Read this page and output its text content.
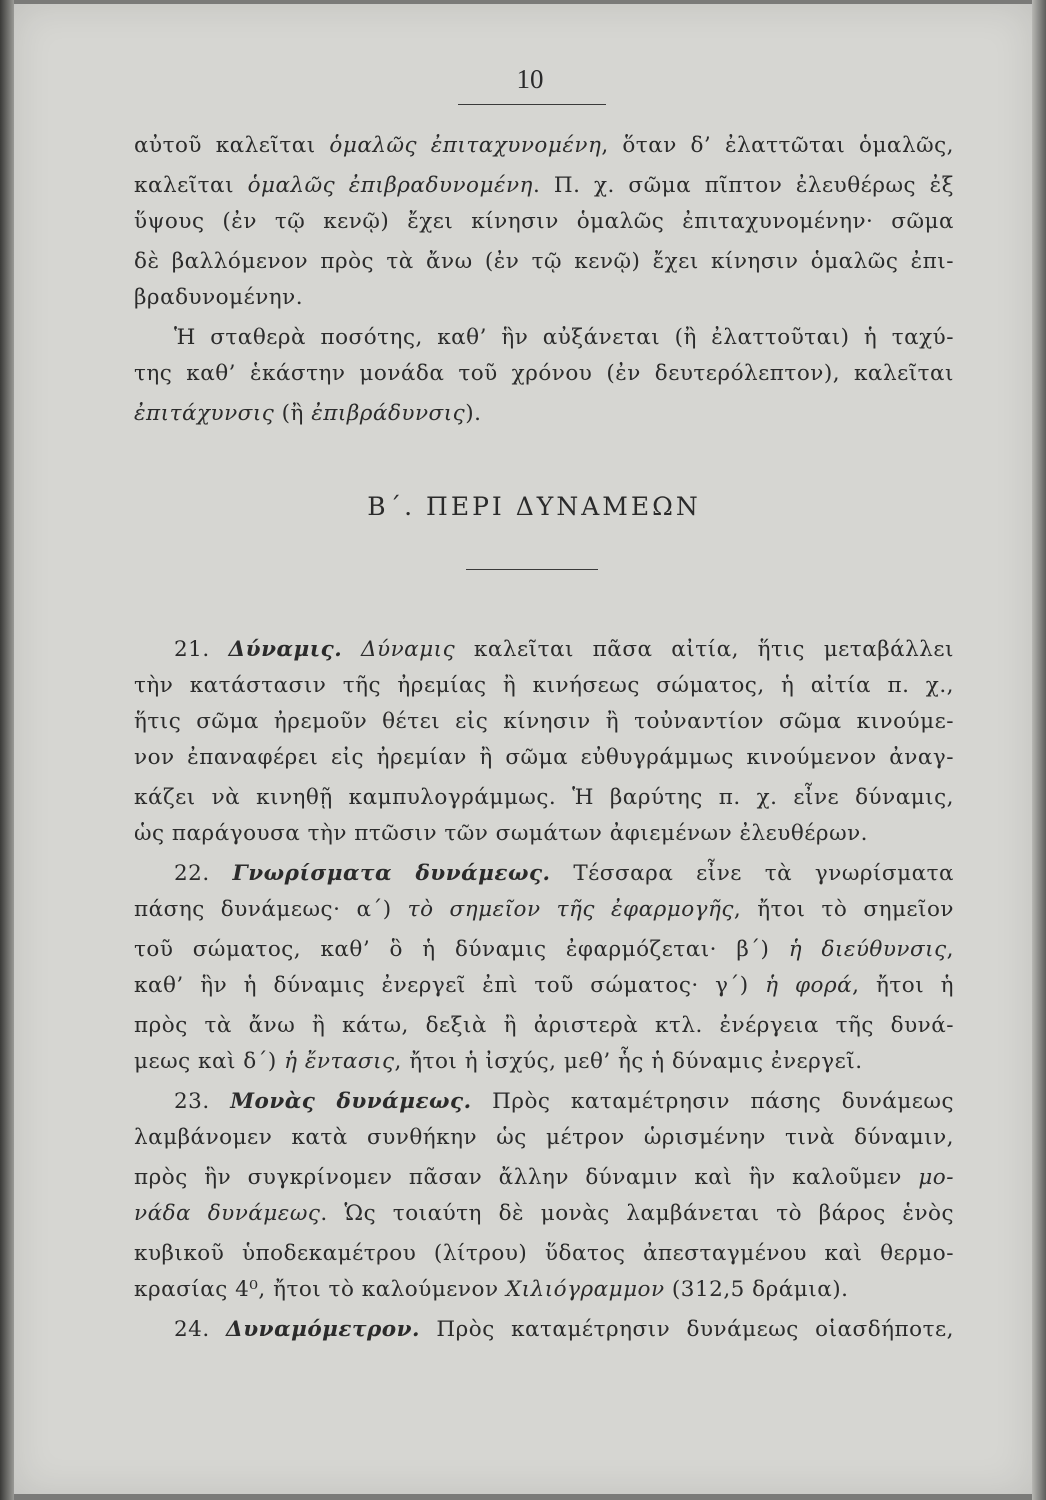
10
Β΄. ΠΕΡΙ ΔΥΝΑΜΕΩΝ
αὐτοῦ καλεῖται ὁμαλῶς ἐπιταχυνομένη, ὅταν δ’ ἐλαττῶται ὁμαλῶς,
καλεῖται ὁμαλῶς ἐπιβραδυνομένη. Π. χ. σῶμα πῖπτον ἐλευθέρως ἐξ
ὕψους (ἐν τῷ κενῷ) ἔχει κίνησιν ὁμαλῶς ἐπιταχυνομένην· σῶμα
δὲ βαλλόμενον πρὸς τὰ ἄνω (ἐν τῷ κενῷ) ἔχει κίνησιν ὁμαλῶς ἐπι-
βραδυνομένην.
Ἡ σταθερὰ ποσότης, καθ’ ἣν αὐξάνεται (ἢ ἐλαττοῦται) ἡ ταχύ-
της καθ’ ἑκάστην μονάδα τοῦ χρόνου (ἐν δευτερόλεπτον), καλεῖται
ἐπιτάχυνσις (ἢ ἐπιβράδυνσις).
21. Δύναμις. Δύναμις καλεῖται πᾶσα αἰτία, ἥτις μεταβάλλει
τὴν κατάστασιν τῆς ἠρεμίας ἢ κινήσεως σώματος, ἡ αἰτία π. χ.,
ἥτις σῶμα ἠρεμοῦν θέτει εἰς κίνησιν ἢ τοὐναντίον σῶμα κινούμε-
νον ἐπαναφέρει εἰς ἠρεμίαν ἢ σῶμα εὐθυγράμμως κινούμενον ἀναγ-
κάζει νὰ κινηθῇ καμπυλογράμμως. Ἡ βαρύτης π. χ. εἶνε δύναμις,
ὡς παράγουσα τὴν πτῶσιν τῶν σωμάτων ἀφιεμένων ἐλευθέρων.
22. Γνωρίσματα δυνάμεως. Τέσσαρα εἶνε τὰ γνωρίσματα
πάσης δυνάμεως· α΄) τὸ σημεῖον τῆς ἐφαρμογῆς, ἤτοι τὸ σημεῖον
τοῦ σώματος, καθ’ ὃ ἡ δύναμις ἐφαρμόζεται· β΄) ἡ διεύθυνσις,
καθ’ ἣν ἡ δύναμις ἐνεργεῖ ἐπὶ τοῦ σώματος· γ΄) ἡ φορά, ἤτοι ἡ
πρὸς τὰ ἄνω ἢ κάτω, δεξιὰ ἢ ἀριστερὰ κτλ. ἐνέργεια τῆς δυνά-
μεως καὶ δ΄) ἡ ἔντασις, ἤτοι ἡ ἰσχύς, μεθ’ ἧς ἡ δύναμις ἐνεργεῖ.
23. Μονὰς δυνάμεως. Πρὸς καταμέτρησιν πάσης δυνάμεως
λαμβάνομεν κατὰ συνθήκην ὡς μέτρον ὡρισμένην τινὰ δύναμιν,
πρὸς ἣν συγκρίνομεν πᾶσαν ἄλλην δύναμιν καὶ ἣν καλοῦμεν μο-
νάδα δυνάμεως. Ὡς τοιαύτη δὲ μονὰς λαμβάνεται τὸ βάρος ἑνὸς
κυβικοῦ ὑποδεκαμέτρου (λίτρου) ὕδατος ἀπεσταγμένου καὶ θερμο-
κρασίας 4⁰, ἤτοι τὸ καλούμενον Χιλιόγραμμον (312,5 δράμια).
24. Δυναμόμετρον. Πρὸς καταμέτρησιν δυνάμεως οἱασδήποτε,
